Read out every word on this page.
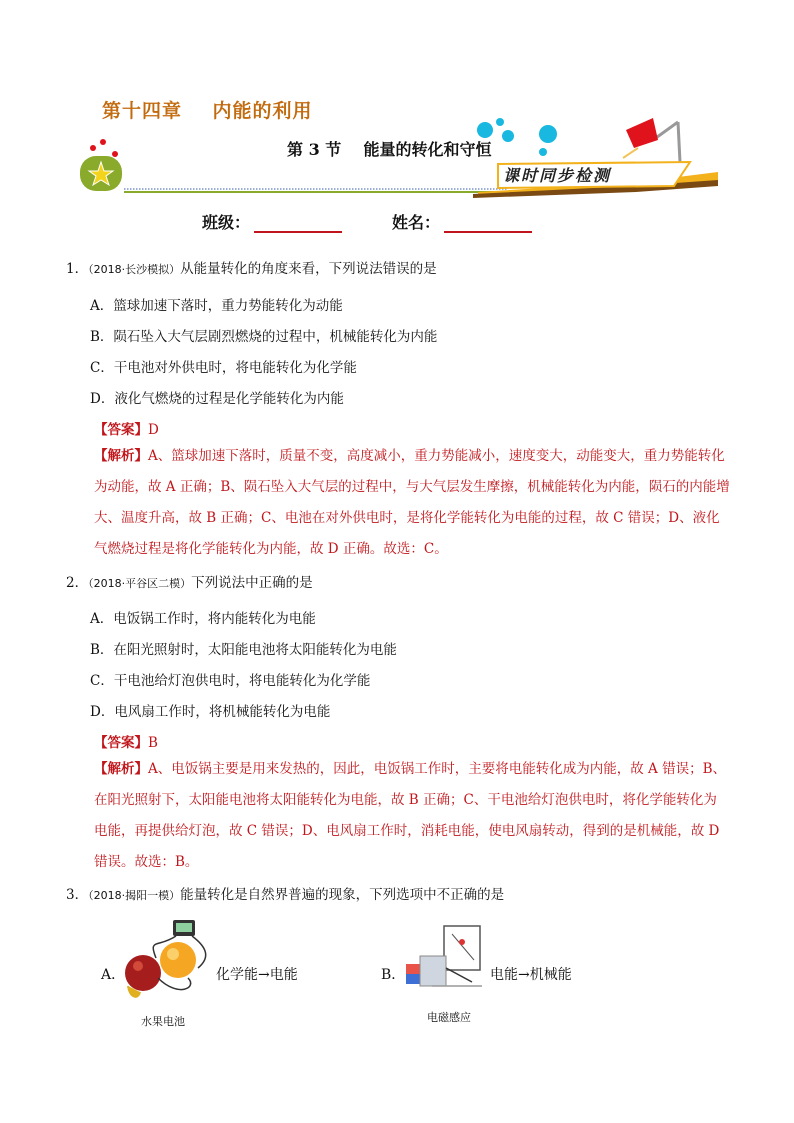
第十四章    内能的利用
第 3 节    能量的转化和守恒
课时同步检测
班级：	姓名：
1．（2018·长沙模拟）从能量转化的角度来看，下列说法错误的是
A．篮球加速下落时，重力势能转化为动能
B．陨石坠入大气层剧烈燃烧的过程中，机械能转化为内能
C．干电池对外供电时，将电能转化为化学能
D．液化气燃烧的过程是化学能转化为内能
【答案】D
【解析】A、篮球加速下落时，质量不变，高度减小，重力势能减小，速度变大，动能变大，重力势能转化为动能，故 A 正确；B、陨石坠入大气层的过程中，与大气层发生摩擦，机械能转化为内能，陨石的内能增大、温度升高，故 B 正确；C、电池在对外供电时，是将化学能转化为电能的过程，故 C 错误；D、液化气燃烧过程是将化学能转化为内能，故 D 正确。故选：C。
2．（2018·平谷区二模）下列说法中正确的是
A．电饭锅工作时，将内能转化为电能
B．在阳光照射时，太阳能电池将太阳能转化为电能
C．干电池给灯泡供电时，将电能转化为化学能
D．电风扇工作时，将机械能转化为电能
【答案】B
【解析】A、电饭锅主要是用来发热的，因此，电饭锅工作时，主要将电能转化成为内能，故 A 错误；B、在阳光照射下，太阳能电池将太阳能转化为电能，故 B 正确；C、干电池给灯泡供电时，将化学能转化为电能，再提供给灯泡，故 C 错误；D、电风扇工作时，消耗电能，使电风扇转动，得到的是机械能，故 D 错误。故选：B。
3．（2018·揭阳一模）能量转化是自然界普遍的现象，下列选项中不正确的是
A．	化学能→电能
水果电池
B．	电能→机械能
电磁感应
